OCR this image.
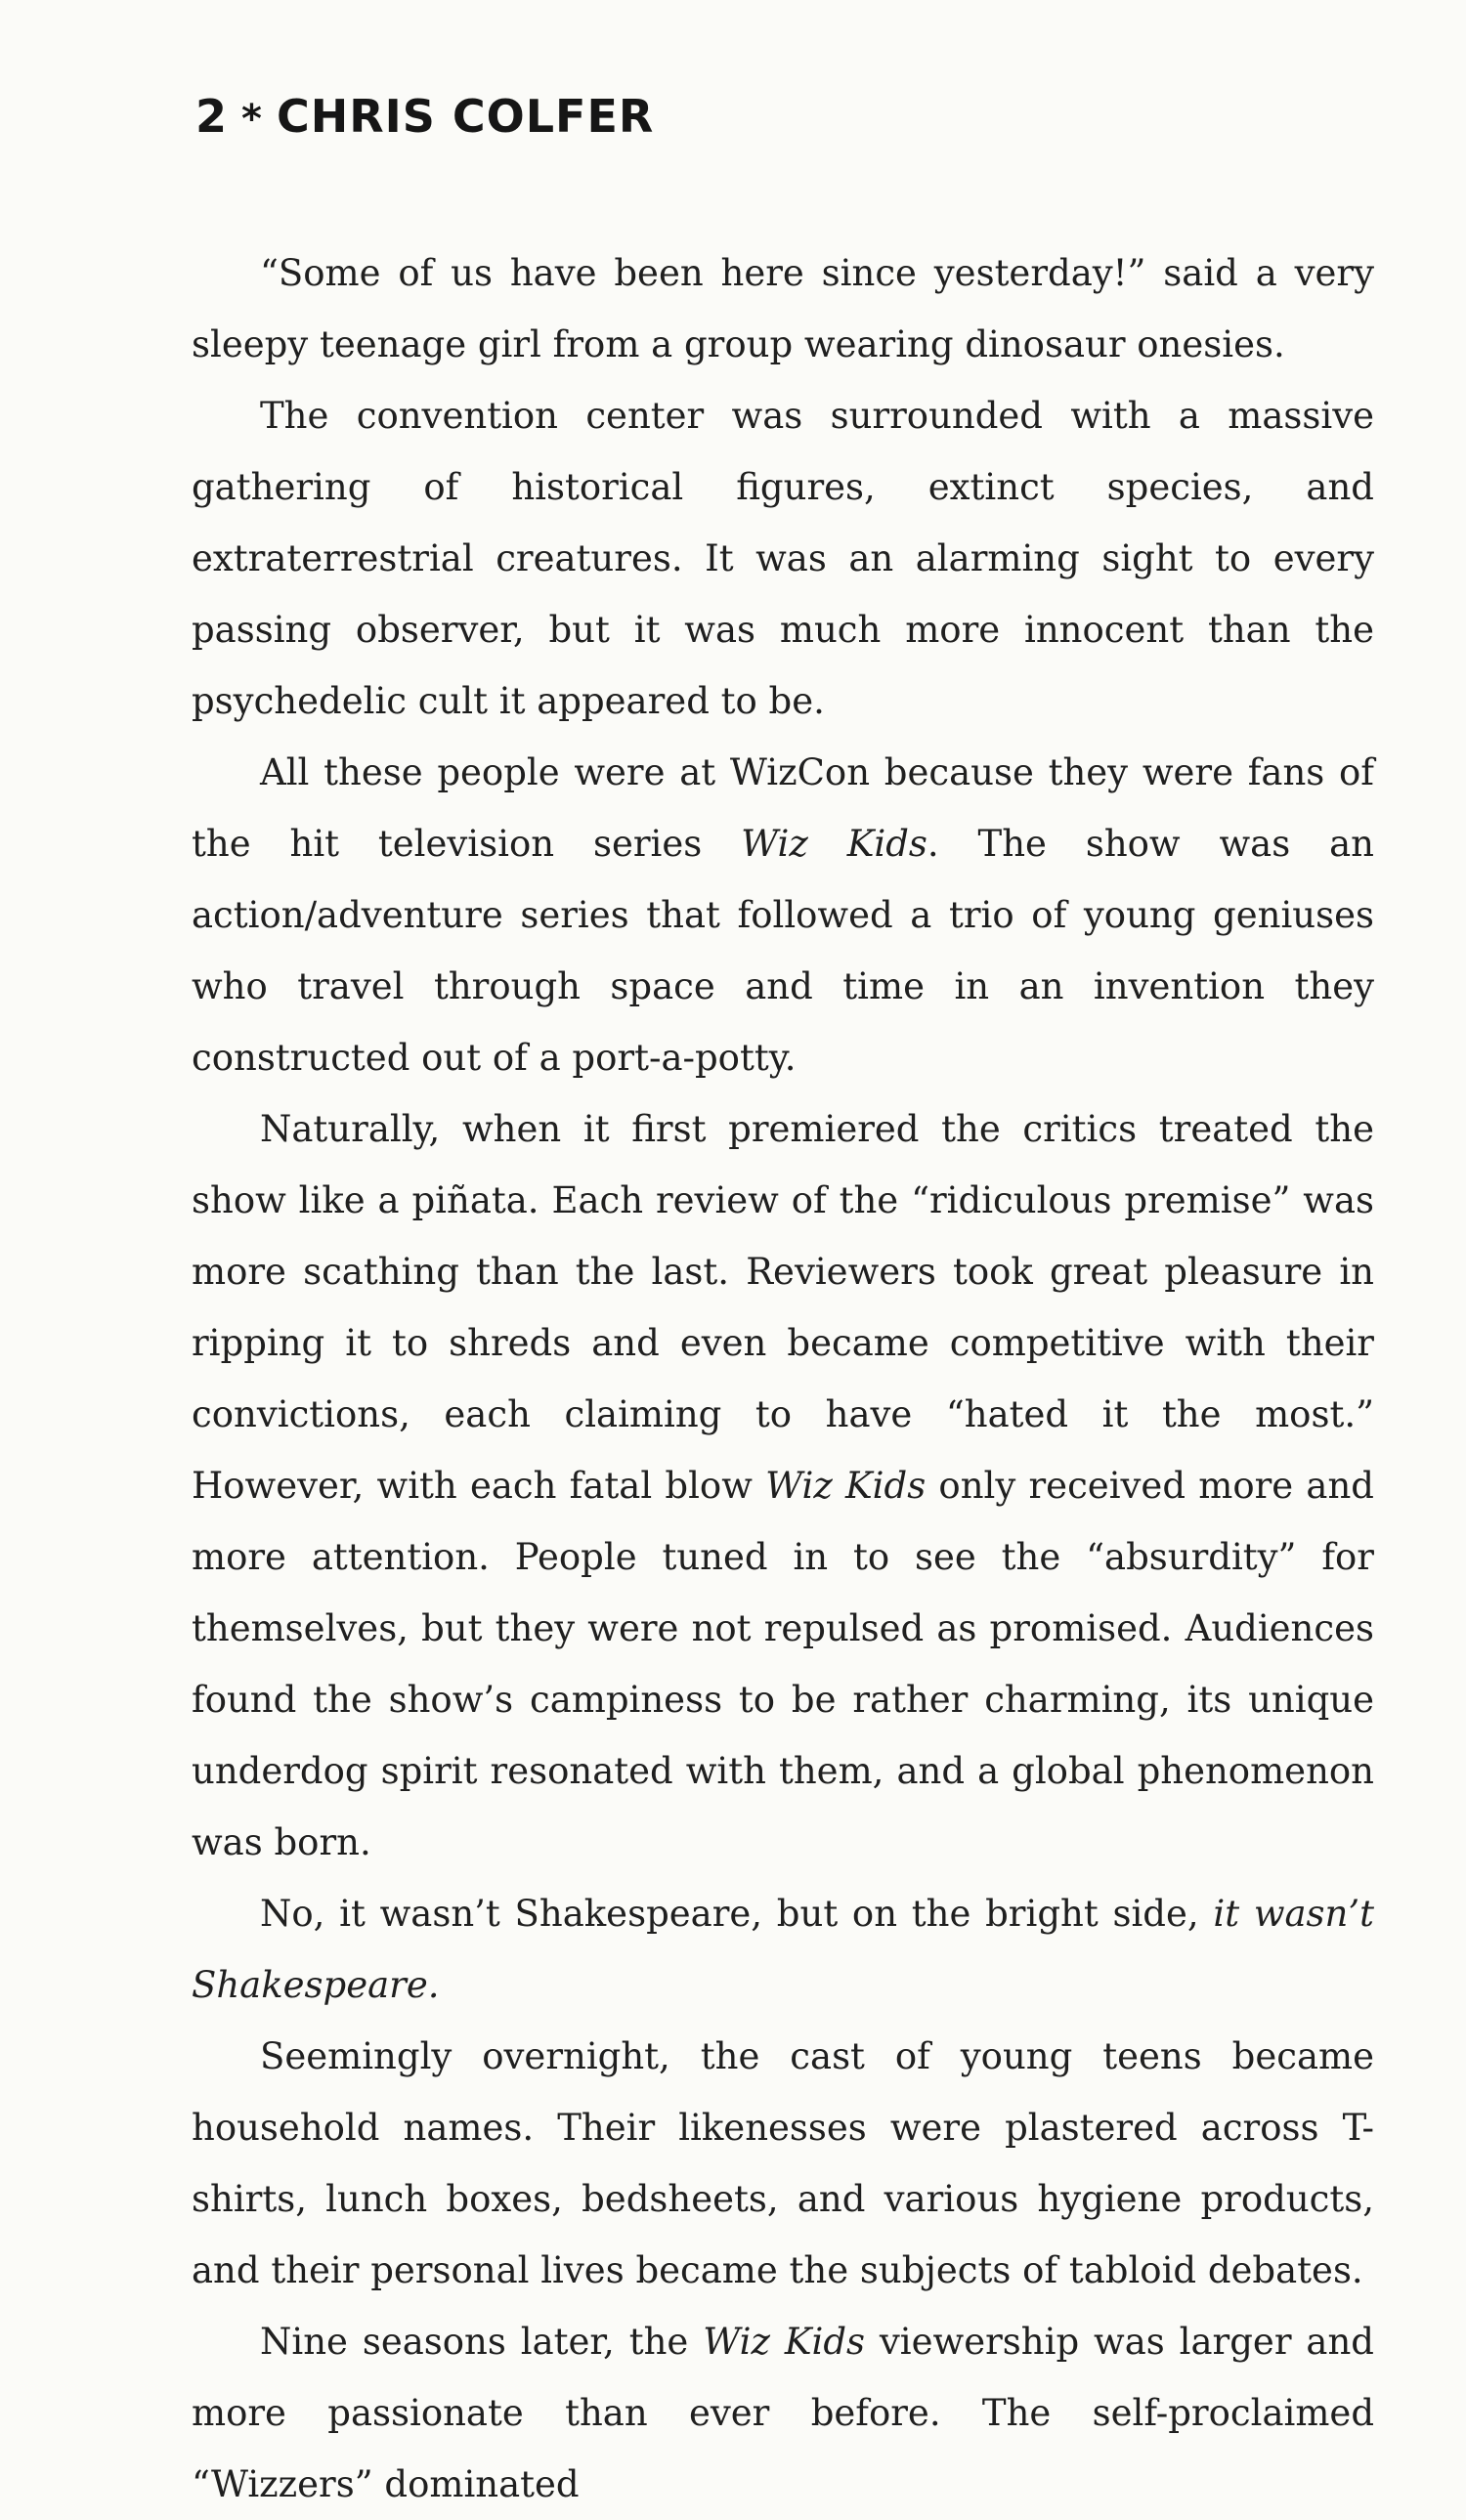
2 * CHRIS COLFER

“Some of us have been here since yesterday!” said a very sleepy teenage girl from a group wearing dinosaur onesies.

The convention center was surrounded with a massive gathering of historical figures, extinct species, and extraterrestrial creatures. It was an alarming sight to every passing observer, but it was much more innocent than the psychedelic cult it appeared to be.

All these people were at WizCon because they were fans of the hit television series Wiz Kids. The show was an action/adventure series that followed a trio of young geniuses who travel through space and time in an invention they constructed out of a port-a-potty.

Naturally, when it first premiered the critics treated the show like a piñata. Each review of the “ridiculous premise” was more scathing than the last. Reviewers took great pleasure in ripping it to shreds and even became competitive with their convictions, each claiming to have “hated it the most.” However, with each fatal blow Wiz Kids only received more and more attention. People tuned in to see the “absurdity” for themselves, but they were not repulsed as promised. Audiences found the show’s campiness to be rather charming, its unique underdog spirit resonated with them, and a global phenomenon was born.

No, it wasn’t Shakespeare, but on the bright side, it wasn’t Shakespeare.

Seemingly overnight, the cast of young teens became household names. Their likenesses were plastered across T-shirts, lunch boxes, bedsheets, and various hygiene products, and their personal lives became the subjects of tabloid debates.

Nine seasons later, the Wiz Kids viewership was larger and more passionate than ever before. The self-proclaimed “Wizzers” dominated
